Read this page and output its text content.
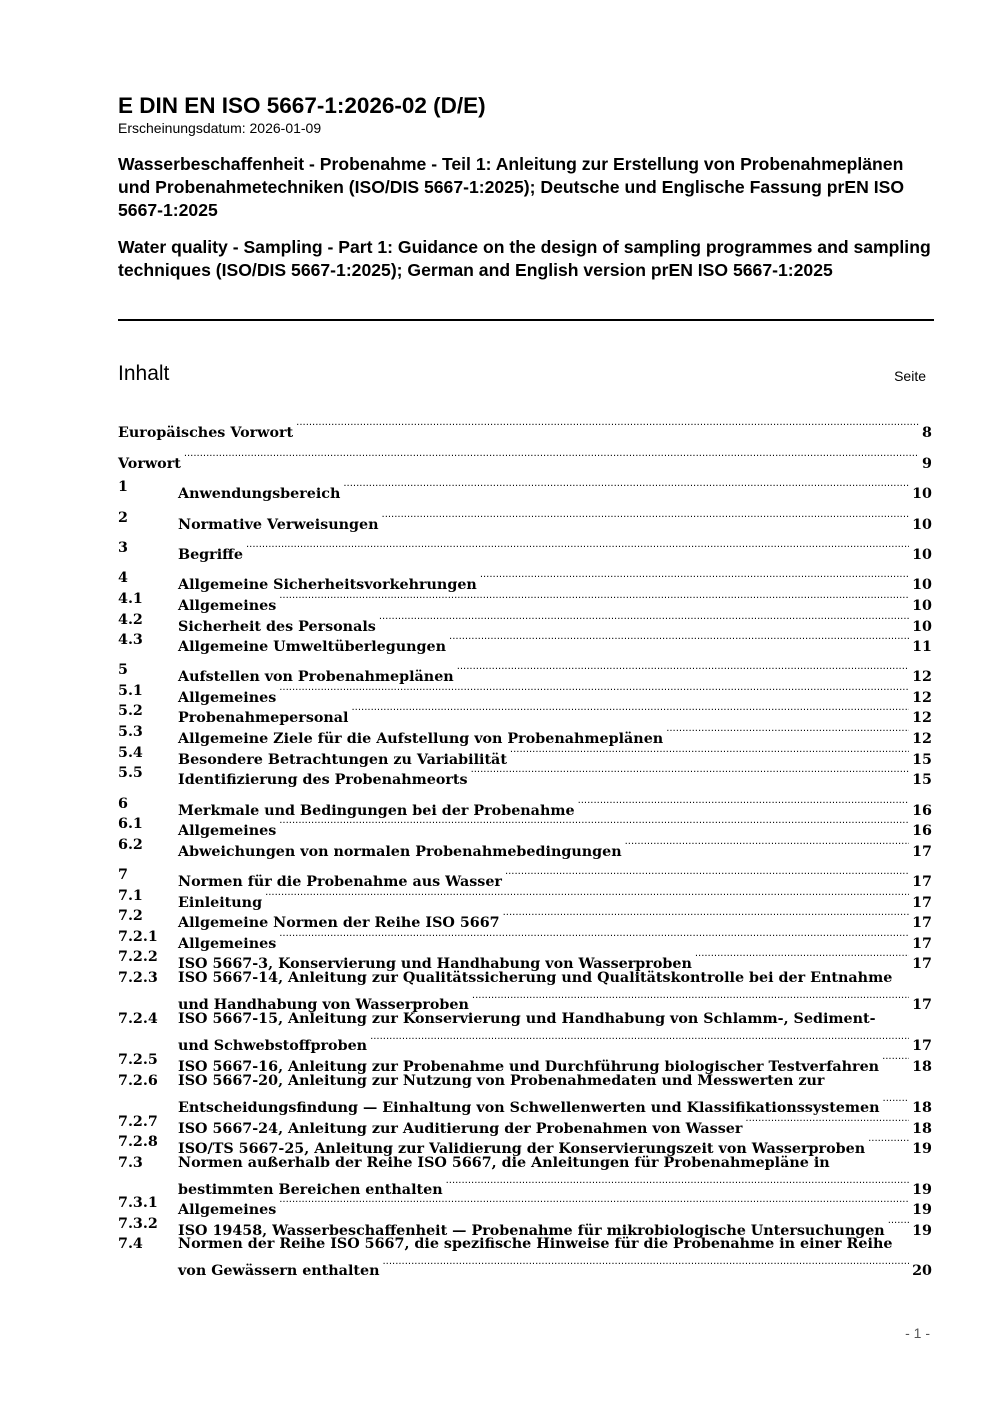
E DIN EN ISO 5667-1:2026-02 (D/E)

Erscheinungsdatum: 2026-01-09

Wasserbeschaffenheit - Probenahme - Teil 1: Anleitung zur Erstellung von Probenahmeplänen und Probenahmetechniken (ISO/DIS 5667-1:2025); Deutsche und Englische Fassung prEN ISO 5667-1:2025

Water quality - Sampling - Part 1: Guidance on the design of sampling programmes and sampling techniques (ISO/DIS 5667-1:2025); German and English version prEN ISO 5667-1:2025

Inhalt	Seite
Europäisches Vorwort .....	8
Vorwort .....	9
1	Anwendungsbereich .....	10
2	Normative Verweisungen .....	10
3	Begriffe .....	10
4	Allgemeine Sicherheitsvorkehrungen .....	10
4.1 Allgemeines .....	10
4.2 Sicherheit des Personals .....	10
4.3 Allgemeine Umweltüberlegungen .....	11
5	Aufstellen von Probenahmeplänen .....	12
5.1 Allgemeines .....	12
5.2 Probenahmepersonal .....	12
5.3 Allgemeine Ziele für die Aufstellung von Probenahmeplänen .....	12
5.4 Besondere Betrachtungen zu Variabilität .....	15
5.5 Identifizierung des Probenahmeorts .....	15
6	Merkmale und Bedingungen bei der Probenahme .....	16
6.1 Allgemeines .....	16
6.2 Abweichungen von normalen Probenahmebedingungen .....	17
7	Normen für die Probenahme aus Wasser .....	17
7.1 Einleitung .....	17
7.2 Allgemeine Normen der Reihe ISO 5667 .....	17
7.2.1 Allgemeines .....	17
7.2.2 ISO 5667-3, Konservierung und Handhabung von Wasserproben .....	17
7.2.3 ISO 5667-14, Anleitung zur Qualitätssicherung und Qualitätskontrolle bei der Entnahme
und Handhabung von Wasserproben .....	17
7.2.4 ISO 5667-15, Anleitung zur Konservierung und Handhabung von Schlamm-, Sediment-
und Schwebstoffproben .....	17
7.2.5 ISO 5667-16, Anleitung zur Probenahme und Durchführung biologischer Testverfahren ..... 18
7.2.6 ISO 5667-20, Anleitung zur Nutzung von Probenahmedaten und Messwerten zur
Entscheidungsfindung — Einhaltung von Schwellenwerten und Klassifikationssystemen ..... 18
7.2.7 ISO 5667-24, Anleitung zur Auditierung der Probenahmen von Wasser .....	18
7.2.8 ISO/TS 5667-25, Anleitung zur Validierung der Konservierungszeit von Wasserproben .....	19
7.3 Normen außerhalb der Reihe ISO 5667, die Anleitungen für Probenahmepläne in
bestimmten Bereichen enthalten .....	19
7.3.1 Allgemeines .....	19
7.3.2 ISO 19458, Wasserbeschaffenheit — Probenahme für mikrobiologische Untersuchungen ..... 19
7.4 Normen der Reihe ISO 5667, die spezifische Hinweise für die Probenahme in einer Reihe
von Gewässern enthalten .....	20
- 1 -
